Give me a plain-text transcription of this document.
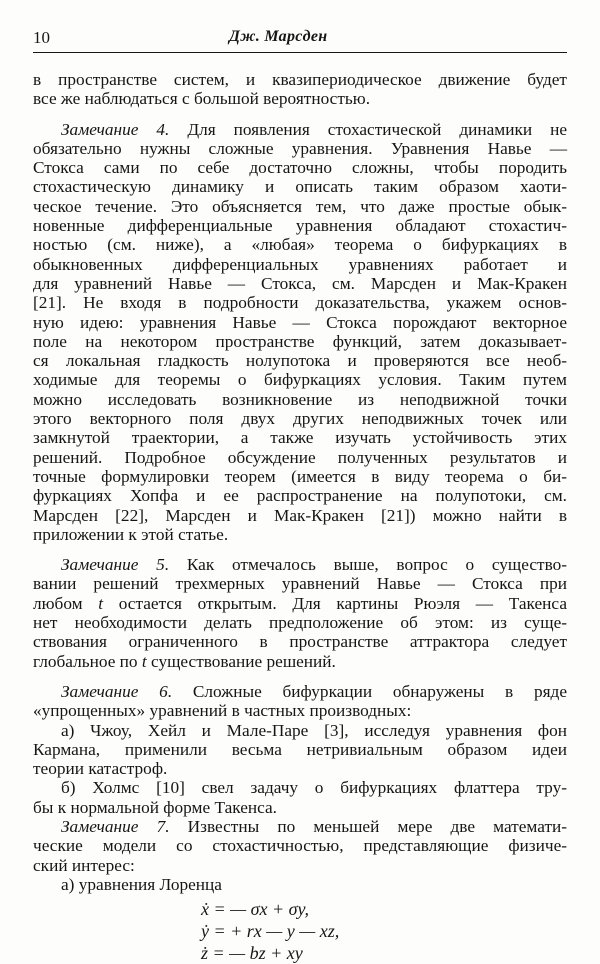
10	Дж. Марсден
в пространстве систем, и квазипериодическое движение будет
все же наблюдаться с большой вероятностью.
Замечание 4. Для появления стохастической динамики не
обязательно нужны сложные уравнения. Уравнения Навье —
Стокса сами по себе достаточно сложны, чтобы породить
стохастическую динамику и описать таким образом хаоти-
ческое течение. Это объясняется тем, что даже простые обык-
новенные дифференциальные уравнения обладают стохастич-
ностью (см. ниже), а «любая» теорема о бифуркациях в
обыкновенных дифференциальных уравнениях работает и
для уравнений Навье — Стокса, см. Марсден и Мак-Кракен
[21]. Не входя в подробности доказательства, укажем основ-
ную идею: уравнения Навье — Стокса порождают векторное
поле на некотором пространстве функций, затем доказывает-
ся локальная гладкость нолупотока и проверяются все необ-
ходимые для теоремы о бифуркациях условия. Таким путем
можно исследовать возникновение из неподвижной точки
этого векторного поля двух других неподвижных точек или
замкнутой траектории, а также изучать устойчивость этих
решений. Подробное обсуждение полученных результатов и
точные формулировки теорем (имеется в виду теорема о би-
фуркациях Хопфа и ее распространение на полупотоки, см.
Марсден [22], Марсден и Мак-Кракен [21]) можно найти в
приложении к этой статье.
Замечание 5. Как отмечалось выше, вопрос о существо-
вании решений трехмерных уравнений Навье — Стокса при
любом t остается открытым. Для картины Рюэля — Такенса
нет необходимости делать предположение об этом: из суще-
ствования ограниченного в пространстве аттрактора следует
глобальное по t существование решений.
Замечание 6. Сложные бифуркации обнаружены в ряде
«упрощенных» уравнений в частных производных:
а) Чжоу, Хейл и Мале-Парe [3], исследуя уравнения фон
Кармана, применили весьма нетривиальным образом идеи
теории катастроф.
б) Холмс [10] свел задачу о бифуркациях флаттера тру-
бы к нормальной форме Такенса.
Замечание 7. Известны по меньшей мере две математи-
ческие модели со стохастичностью, представляющие физиче-
ский интерес:
а) уравнения Лоренца
ẋ = — σx + σy,
ẏ = + rx — y — xz,
ż = — bz + xy
